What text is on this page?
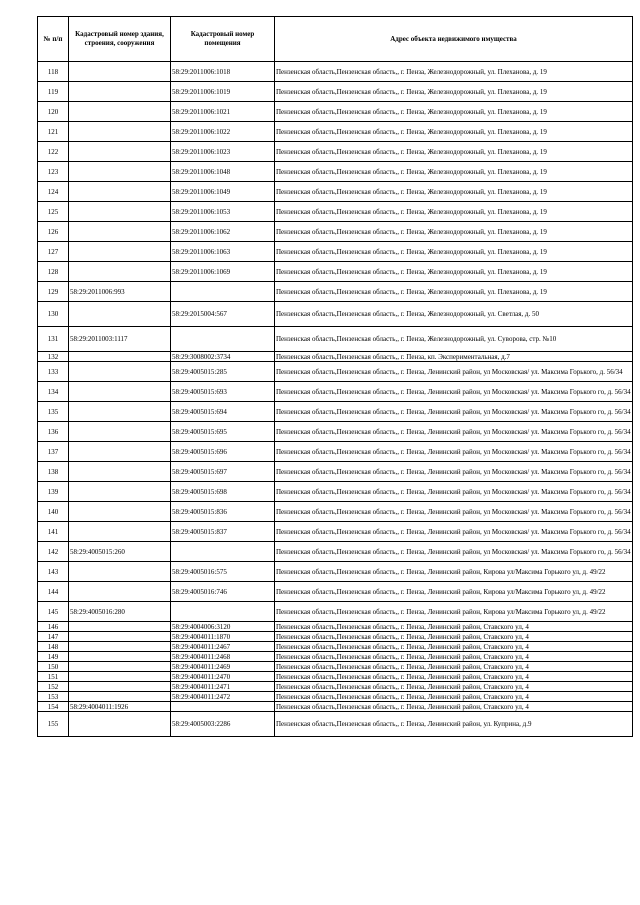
№ п/п	Кадастровый номер здания, строения, сооружения	Кадастровый номер помещения	Адрес объекта недвижимого имущества
118		58:29:2011006:1018	Пензенская область,Пензенская область,, г. Пенза, Железнодорожный, ул. Плеханова, д. 19
119		58:29:2011006:1019	Пензенская область,Пензенская область,, г. Пенза, Железнодорожный, ул. Плеханова, д. 19
120		58:29:2011006:1021	Пензенская область,Пензенская область,, г. Пенза, Железнодорожный, ул. Плеханова, д. 19
121		58:29:2011006:1022	Пензенская область,Пензенская область,, г. Пенза, Железнодорожный, ул. Плеханова, д. 19
122		58:29:2011006:1023	Пензенская область,Пензенская область,, г. Пенза, Железнодорожный, ул. Плеханова, д. 19
123		58:29:2011006:1048	Пензенская область,Пензенская область,, г. Пенза, Железнодорожный, ул. Плеханова, д. 19
124		58:29:2011006:1049	Пензенская область,Пензенская область,, г. Пенза, Железнодорожный, ул. Плеханова, д. 19
125		58:29:2011006:1053	Пензенская область,Пензенская область,, г. Пенза, Железнодорожный, ул. Плеханова, д. 19
126		58:29:2011006:1062	Пензенская область,Пензенская область,, г. Пенза, Железнодорожный, ул. Плеханова, д. 19
127		58:29:2011006:1063	Пензенская область,Пензенская область,, г. Пенза, Железнодорожный, ул. Плеханова, д. 19
128		58:29:2011006:1069	Пензенская область,Пензенская область,, г. Пенза, Железнодорожный, ул. Плеханова, д. 19
129	58:29:2011006:993		Пензенская область,Пензенская область,, г. Пенза, Железнодорожный, ул. Плеханова, д. 19
130		58:29:2015004:567	Пензенская область,Пензенская область,, г. Пенза, Железнодорожный, ул. Светлая, д. 50
131	58:29:2011003:1117		Пензенская область,Пензенская область,, г. Пенза, Железнодорожный, ул. Суворова, стр. №10
132		58:29:3008002:3734	Пензенская область,Пензенская область,, г. Пенза, кп. Экспериментальная, д.7
133		58:29:4005015:285	Пензенская область,Пензенская область,, г. Пенза, Ленинский район, ул Московская/ ул. Максима Горького, д. 56/34
134		58:29:4005015:693	Пензенская область,Пензенская область,, г. Пенза, Ленинский район, ул Московская/ ул. Максима Горького го, д. 56/34
135		58:29:4005015:694	Пензенская область,Пензенская область,, г. Пенза, Ленинский район, ул Московская/ ул. Максима Горького го, д. 56/34
136		58:29:4005015:695	Пензенская область,Пензенская область,, г. Пенза, Ленинский район, ул Московская/ ул. Максима Горького го, д. 56/34
137		58:29:4005015:696	Пензенская область,Пензенская область,, г. Пенза, Ленинский район, ул Московская/ ул. Максима Горького го, д. 56/34
138		58:29:4005015:697	Пензенская область,Пензенская область,, г. Пенза, Ленинский район, ул Московская/ ул. Максима Горького го, д. 56/34
139		58:29:4005015:698	Пензенская область,Пензенская область,, г. Пенза, Ленинский район, ул Московская/ ул. Максима Горького го, д. 56/34
140		58:29:4005015:836	Пензенская область,Пензенская область,, г. Пенза, Ленинский район, ул Московская/ ул. Максима Горького го, д. 56/34
141		58:29:4005015:837	Пензенская область,Пензенская область,, г. Пенза, Ленинский район, ул Московская/ ул. Максима Горького го, д. 56/34
142	58:29:4005015:260		Пензенская область,Пензенская область,, г. Пенза, Ленинский район, ул Московская/ ул. Максима Горького го, д. 56/34
143		58:29:4005016:575	Пензенская область,Пензенская область,, г. Пенза, Ленинский район, Кирова ул/Максима Горького ул, д. 49/22
144		58:29:4005016:746	Пензенская область,Пензенская область,, г. Пенза, Ленинский район, Кирова ул/Максима Горького ул, д. 49/22
145	58:29:4005016:280		Пензенская область,Пензенская область,, г. Пенза, Ленинский район, Кирова ул/Максима Горького ул, д. 49/22
146		58:29:4004006:3120	Пензенская область,Пензенская область,, г. Пенза, Ленинский район, Ставского ул, 4
147		58:29:4004011:1870	Пензенская область,Пензенская область,, г. Пенза, Ленинский район, Ставского ул, 4
148		58:29:4004011:2467	Пензенская область,Пензенская область,, г. Пенза, Ленинский район, Ставского ул, 4
149		58:29:4004011:2468	Пензенская область,Пензенская область,, г. Пенза, Ленинский район, Ставского ул, 4
150		58:29:4004011:2469	Пензенская область,Пензенская область,, г. Пенза, Ленинский район, Ставского ул, 4
151		58:29:4004011:2470	Пензенская область,Пензенская область,, г. Пенза, Ленинский район, Ставского ул, 4
152		58:29:4004011:2471	Пензенская область,Пензенская область,, г. Пенза, Ленинский район, Ставского ул, 4
153		58:29:4004011:2472	Пензенская область,Пензенская область,, г. Пенза, Ленинский район, Ставского ул, 4
154	58:29:4004011:1926		Пензенская область,Пензенская область,, г. Пенза, Ленинский район, Ставского ул, 4
155		58:29:4005003:2286	Пензенская область,Пензенская область,, г. Пенза, Ленинский район, ул. Куприна, д.9
